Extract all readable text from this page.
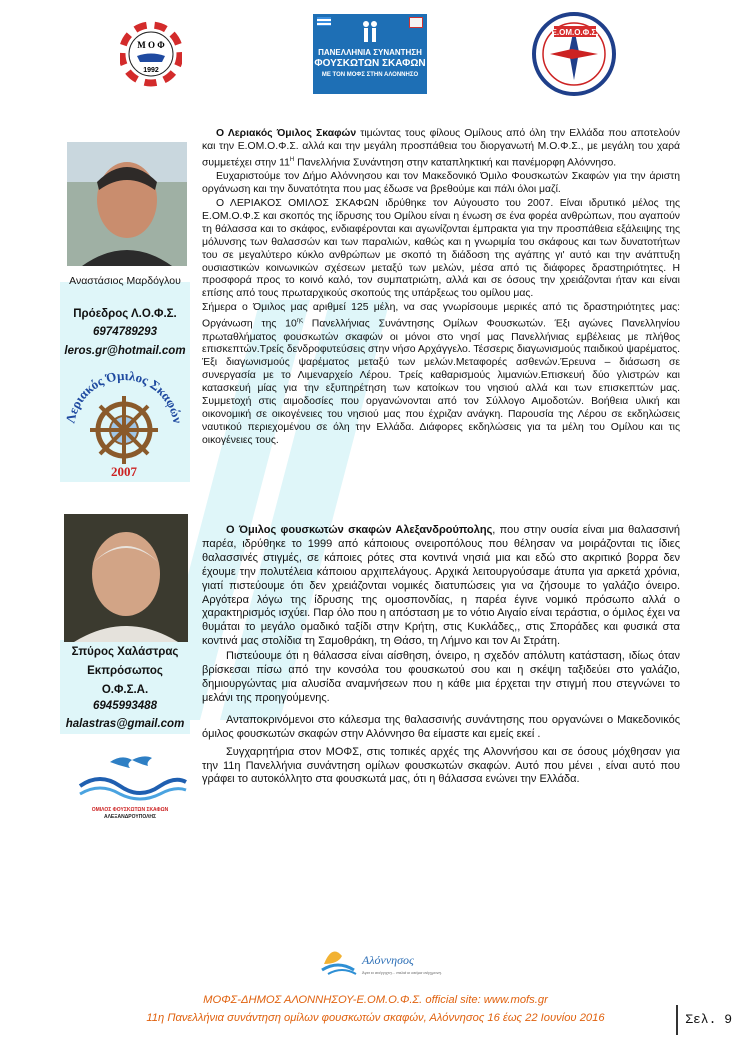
Μ Ο Φ
1992
ΠΑΝΕΛΛΗΝΙΑ ΣΥΝΑΝΤΗΣΗ
ΦΟΥΣΚΩΤΩΝ ΣΚΑΦΩΝ
ΜΕ ΤΟΝ ΜΟΦΣ ΣΤΗΝ ΑΛΟΝΝΗΣΟ
Ε.ΟΜ.Ο.Φ.Σ.
Αναστάσιος Μαρδόγλου
Πρόεδρος Λ.Ο.Φ.Σ.
6974789293
leros.gr@hotmail.com
Λεριακός Όμιλος Σκαφών
2007

Ο Λεριακός Όμιλος Σκαφών τιμώντας τους φίλους Ομίλους από όλη την Ελλάδα που αποτελούν και την Ε.ΟΜ.Ο.Φ.Σ. αλλά και την μεγάλη προσπάθεια του διοργανωτή Μ.Ο.Φ.Σ., με μεγάλη του χαρά συμμετέχει στην $11^H$ Πανελλήνια Συνάντηση στην καταπληκτική και πανέμορφη Αλόννησο.

Ευχαριστούμε τον Δήμο Αλόννησου και τον Μακεδονικό Όμιλο Φουσκωτών Σκαφών για την άριστη οργάνωση και την δυνατότητα που μας έδωσε να βρεθούμε και πάλι όλοι μαζί.

Ο ΛΕΡΙΑΚΟΣ ΟΜΙΛΟΣ ΣΚΑΦΩΝ ιδρύθηκε τον Αύγουστο του 2007. Είναι ιδρυτικό μέλος της Ε.ΟΜ.Ο.Φ.Σ και σκοπός της ίδρυσης του Ομίλου είναι η ένωση σε ένα φορέα ανθρώπων, που αγαπούν τη θάλασσα και το σκάφος, ενδιαφέρονται και αγωνίζονται έμπρακτα για την προσπάθεια εξάλειψης της μόλυνσης των θαλασσών και των παραλιών, καθώς και η γνωριμία του σκάφους και των δυνατοτήτων του σε μεγαλύτερο κύκλο ανθρώπων με σκοπό τη διάδοση της αγάπης γι' αυτό και την ανάπτυξη ουσιαστικών κοινωνικών σχέσεων μεταξύ των μελών, μέσα από τις διάφορες δραστηριότητες. Η προσφορά προς το κοινό καλό, τον συμπατριώτη, αλλά και σε όσους την χρειάζονται ήταν και είναι επίσης από τους πρωταρχικούς σκοπούς της υπάρξεως του ομίλου μας.

Σήμερα ο Όμιλος μας αριθμεί 125 μέλη, να σας γνωρίσουμε μερικές από τις δραστηριότητες μας: Οργάνωση της $10^{\eta\varsigma}$ Πανελλήνιας Συνάντησης Ομίλων Φουσκωτών. Έξι αγώνες Πανελληνίου πρωταθλήματος φουσκωτών σκαφών οι μόνοι στο νησί μας Πανελλήνιας εμβέλειας με πλήθος επισκεπτών.Τρείς δενδροφυτεύσεις στην νήσο Αρχάγγελο. Τέσσερις διαγωνισμούς παιδικού ψαρέματος. Έξι διαγωνισμούς ψαρέματος μεταξύ των μελών.Μεταφορές ασθενών.Έρευνα – διάσωση σε συνεργασία με το Λιμεναρχείο Λέρου. Τρείς καθαρισμούς λιμανιών.Επισκευή δύο γλιστρών και κατασκευή μίας για την εξυπηρέτηση των κατοίκων του νησιού αλλά και των επισκεπτών μας. Συμμετοχή στις αιμοδοσίες που οργανώνονται από τον Σύλλογο Αιμοδοτών. Βοήθεια υλική και οικονομική σε οικογένειες του νησιού μας που έχριζαν ανάγκη. Παρουσία της Λέρου σε εκδηλώσεις ναυτικού περιεχομένου σε όλη την Ελλάδα. Διάφορες εκδηλώσεις για τα μέλη του Ομίλου και τις οικογένειες τους.

Σπύρος Χαλάστρας
Εκπρόσωπος
Ο.Φ.Σ.Α.
6945993488
halastras@gmail.com
ΟΜΙΛΟΣ ΦΟΥΣΚΩΤΩΝ ΣΚΑΦΩΝ
ΑΛΕΞΑΝΔΡΟΥΠΟΛΗΣ

Ο Όμιλος φουσκωτών σκαφών Αλεξανδρούπολης, που στην ουσία είναι μια θαλασσινή παρέα, ιδρύθηκε το 1999 από κάποιους ονειροπόλους που θέλησαν να μοιράζονται τις ίδιες θαλασσινές στιγμές, σε κάποιες ρότες στα κοντινά νησιά μια και εδώ στο ακριτικό βορρα δεν έχουμε την πολυτέλεια κάποιου αρχιπελάγους. Αρχικά λειτουργούσαμε άτυπα για αρκετά χρόνια, γιατί πιστεύουμε ότι δεν χρειάζονται νομικές διατυπώσεις για να ζήσουμε το γαλάζιο όνειρο. Αργότερα λόγω της ίδρυσης της ομοσπονδίας, η παρέα έγινε νομικό πρόσωπο αλλά ο χαρακτηρισμός ισχύει. Παρ όλο που η απόσταση με το νότιο Αιγαίο είναι τεράστια, ο όμιλος έχει να θυμάται το μεγάλο ομαδικό ταξίδι στην Κρήτη, στις Κυκλάδες,, στις Σποράδες και φυσικά στα κοντινά μας στολίδια τη Σαμοθράκη, τη Θάσο, τη Λήμνο και τον Αι Στράτη.

Πιστεύουμε ότι η θάλασσα είναι αίσθηση, όνειρο, η σχεδόν απόλυτη κατάσταση, ιδίως όταν βρίσκεσαι πίσω από την κονσόλα του φουσκωτού σου και η σκέψη ταξιδεύει στο γαλάζιο, δημιουργώντας μια αλυσίδα αναμνήσεων που η κάθε μια έρχεται την στιγμή που στεγνώνει το μελάνι της προηγούμενης.

Ανταποκρινόμενοι στο κάλεσμα της θαλασσινής συνάντησης που οργανώνει ο Μακεδονικός όμιλος φουσκωτών σκαφών στην Αλόννησο θα είμαστε και εμείς εκεί .

Συγχαρητήρια στον ΜΟΦΣ, στις τοπικές αρχές της Αλοννήσου και σε όσους μόχθησαν για την 11η Πανελλήνια συνάντηση ομίλων φουσκωτών σκαφών. Αυτό που μένει , είναι αυτό που γράφει το αυτοκόλλητο στα φουσκωτά μας, ότι η θάλασσα ενώνει την Ελλάδα.

Αλόννησος
Άγια κι ανέγγιχτη... παλιά κι ακόμα σύγχρονη...
ΜΟΦΣ-ΔΗΜΟΣ ΑΛΟΝΝΗΣΟΥ-Ε.ΟΜ.Ο.Φ.Σ. official site: www.mofs.gr
11η Πανελλήνια συνάντηση ομίλων φουσκωτών σκαφών, Αλόννησος 16 έως 22 Ιουνίου 2016	Σελ. 9
